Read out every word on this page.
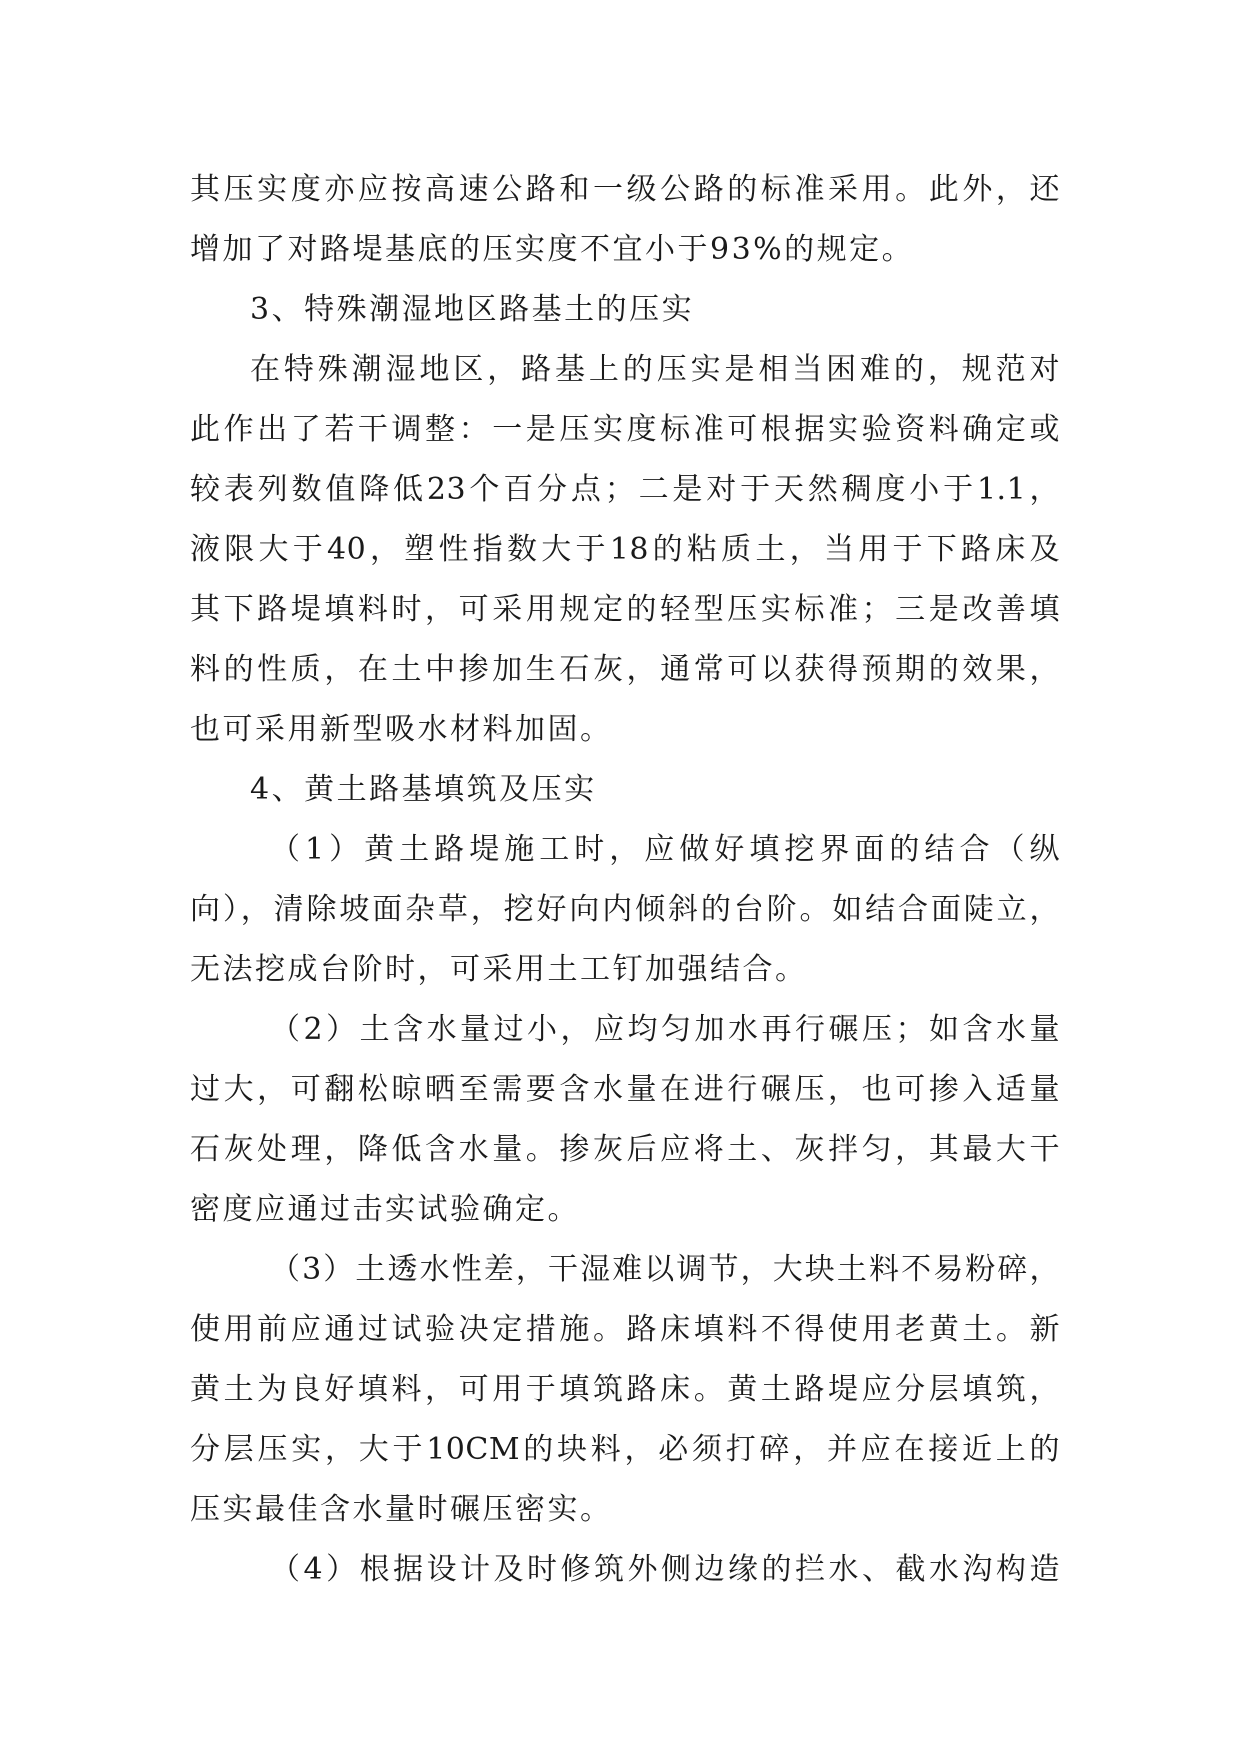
其压实度亦应按高速公路和一级公路的标准采用。此外，还
增加了对路堤基底的压实度不宜小于93%的规定。
3、特殊潮湿地区路基土的压实
在特殊潮湿地区，路基上的压实是相当困难的，规范对
此作出了若干调整：一是压实度标准可根据实验资料确定或
较表列数值降低23个百分点；二是对于天然稠度小于1.1，
液限大于40，塑性指数大于18的粘质土，当用于下路床及
其下路堤填料时，可采用规定的轻型压实标准；三是改善填
料的性质，在土中掺加生石灰，通常可以获得预期的效果，
也可采用新型吸水材料加固。
4、黄土路基填筑及压实
（1）黄土路堤施工时，应做好填挖界面的结合（纵
向），清除坡面杂草，挖好向内倾斜的台阶。如结合面陡立，
无法挖成台阶时，可采用土工钉加强结合。
（2）土含水量过小，应均匀加水再行碾压；如含水量
过大，可翻松晾晒至需要含水量在进行碾压，也可掺入适量
石灰处理，降低含水量。掺灰后应将土、灰拌匀，其最大干
密度应通过击实试验确定。
（3）土透水性差，干湿难以调节，大块土料不易粉碎，
使用前应通过试验决定措施。路床填料不得使用老黄土。新
黄土为良好填料，可用于填筑路床。黄土路堤应分层填筑，
分层压实，大于10CM的块料，必须打碎，并应在接近上的
压实最佳含水量时碾压密实。
（4）根据设计及时修筑外侧边缘的拦水、截水沟构造
